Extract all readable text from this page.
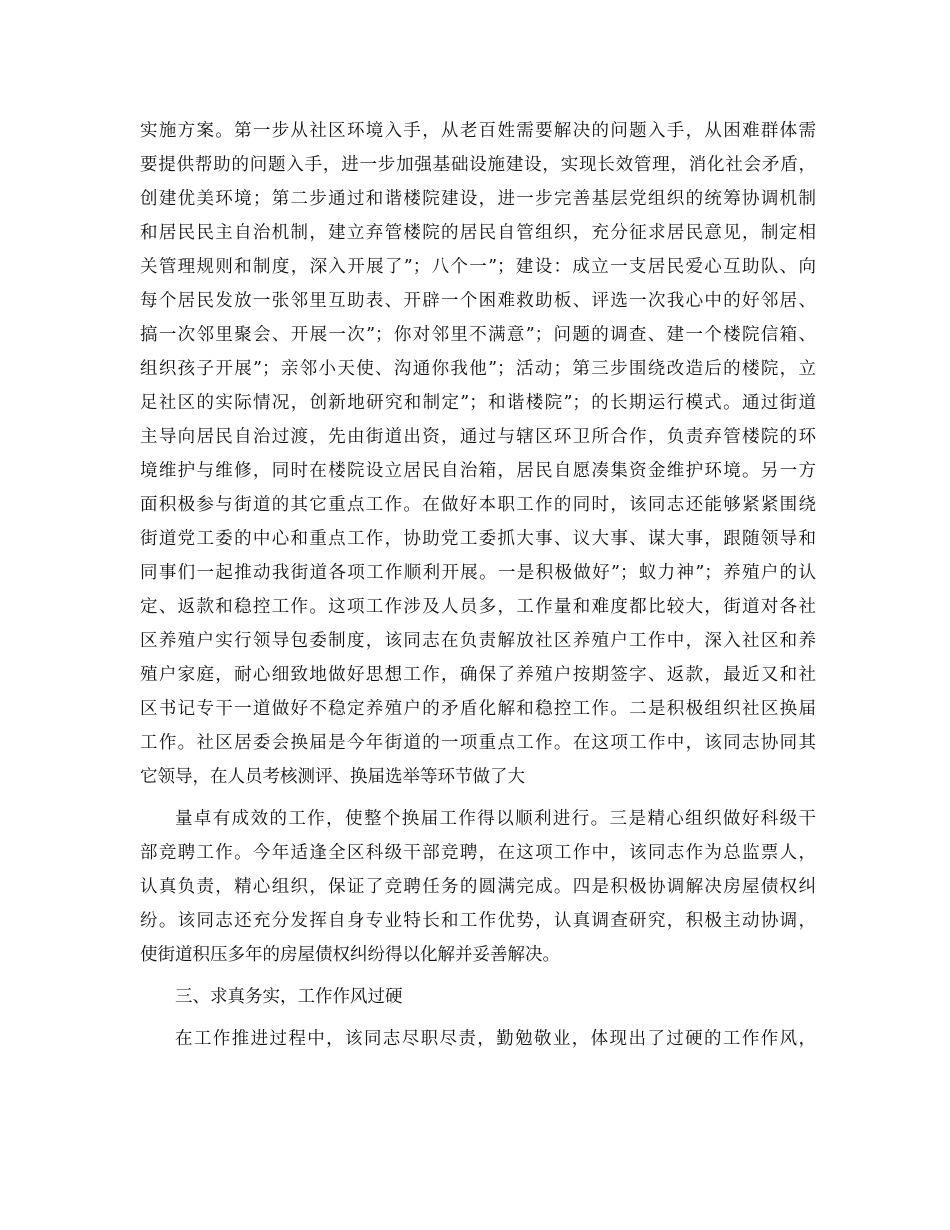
实施方案。第一步从社区环境入手，从老百姓需要解决的问题入手，从困难群体需
要提供帮助的问题入手，进一步加强基础设施建设，实现长效管理，消化社会矛盾，
创建优美环境；第二步通过和谐楼院建设，进一步完善基层党组织的统筹协调机制
和居民民主自治机制，建立弃管楼院的居民自管组织，充分征求居民意见，制定相
关管理规则和制度，深入开展了”；八个一”；建设：成立一支居民爱心互助队、向
每个居民发放一张邻里互助表、开辟一个困难救助板、评选一次我心中的好邻居、
搞一次邻里聚会、开展一次”；你对邻里不满意”；问题的调查、建一个楼院信箱、
组织孩子开展”；亲邻小天使、沟通你我他”；活动；第三步围绕改造后的楼院，立
足社区的实际情况，创新地研究和制定”；和谐楼院”；的长期运行模式。通过街道
主导向居民自治过渡，先由街道出资，通过与辖区环卫所合作，负责弃管楼院的环
境维护与维修，同时在楼院设立居民自治箱，居民自愿凑集资金维护环境。另一方
面积极参与街道的其它重点工作。在做好本职工作的同时，该同志还能够紧紧围绕
街道党工委的中心和重点工作，协助党工委抓大事、议大事、谋大事，跟随领导和
同事们一起推动我街道各项工作顺利开展。一是积极做好”；蚁力神”；养殖户的认
定、返款和稳控工作。这项工作涉及人员多，工作量和难度都比较大，街道对各社
区养殖户实行领导包委制度，该同志在负责解放社区养殖户工作中，深入社区和养
殖户家庭，耐心细致地做好思想工作，确保了养殖户按期签字、返款，最近又和社
区书记专干一道做好不稳定养殖户的矛盾化解和稳控工作。二是积极组织社区换届
工作。社区居委会换届是今年街道的一项重点工作。在这项工作中，该同志协同其
它领导，在人员考核测评、换届选举等环节做了大
量卓有成效的工作，使整个换届工作得以顺利进行。三是精心组织做好科级干
部竞聘工作。今年适逢全区科级干部竞聘，在这项工作中，该同志作为总监票人，
认真负责，精心组织，保证了竞聘任务的圆满完成。四是积极协调解决房屋债权纠
纷。该同志还充分发挥自身专业特长和工作优势，认真调查研究，积极主动协调，
使街道积压多年的房屋债权纠纷得以化解并妥善解决。
三、求真务实，工作作风过硬
在工作推进过程中，该同志尽职尽责，勤勉敬业，体现出了过硬的工作作风，
